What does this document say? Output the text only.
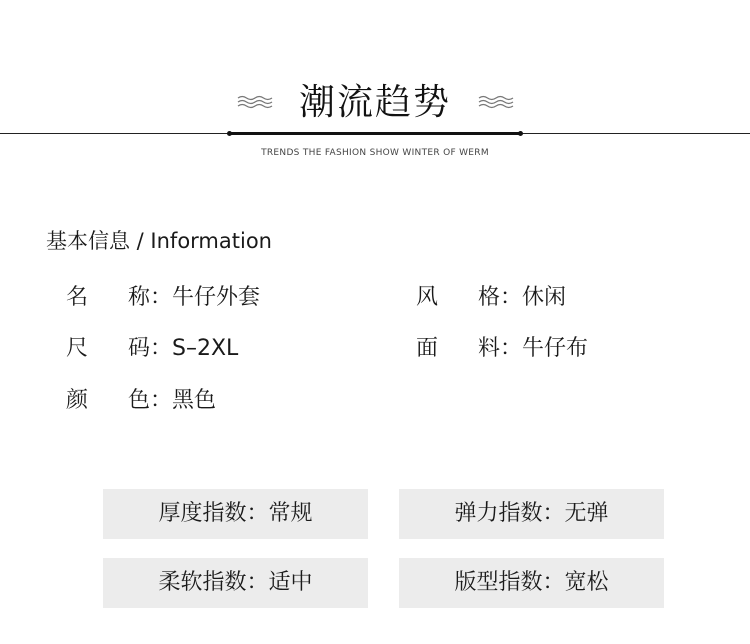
潮流趋势
TRENDS THE FASHION SHOW WINTER OF WERM
基本信息 / Information
名称：牛仔外套	风格：休闲
尺码：S–2XL	面料：牛仔布
颜色：黑色
厚度指数：常规	弹力指数：无弹
柔软指数：适中	版型指数：宽松
